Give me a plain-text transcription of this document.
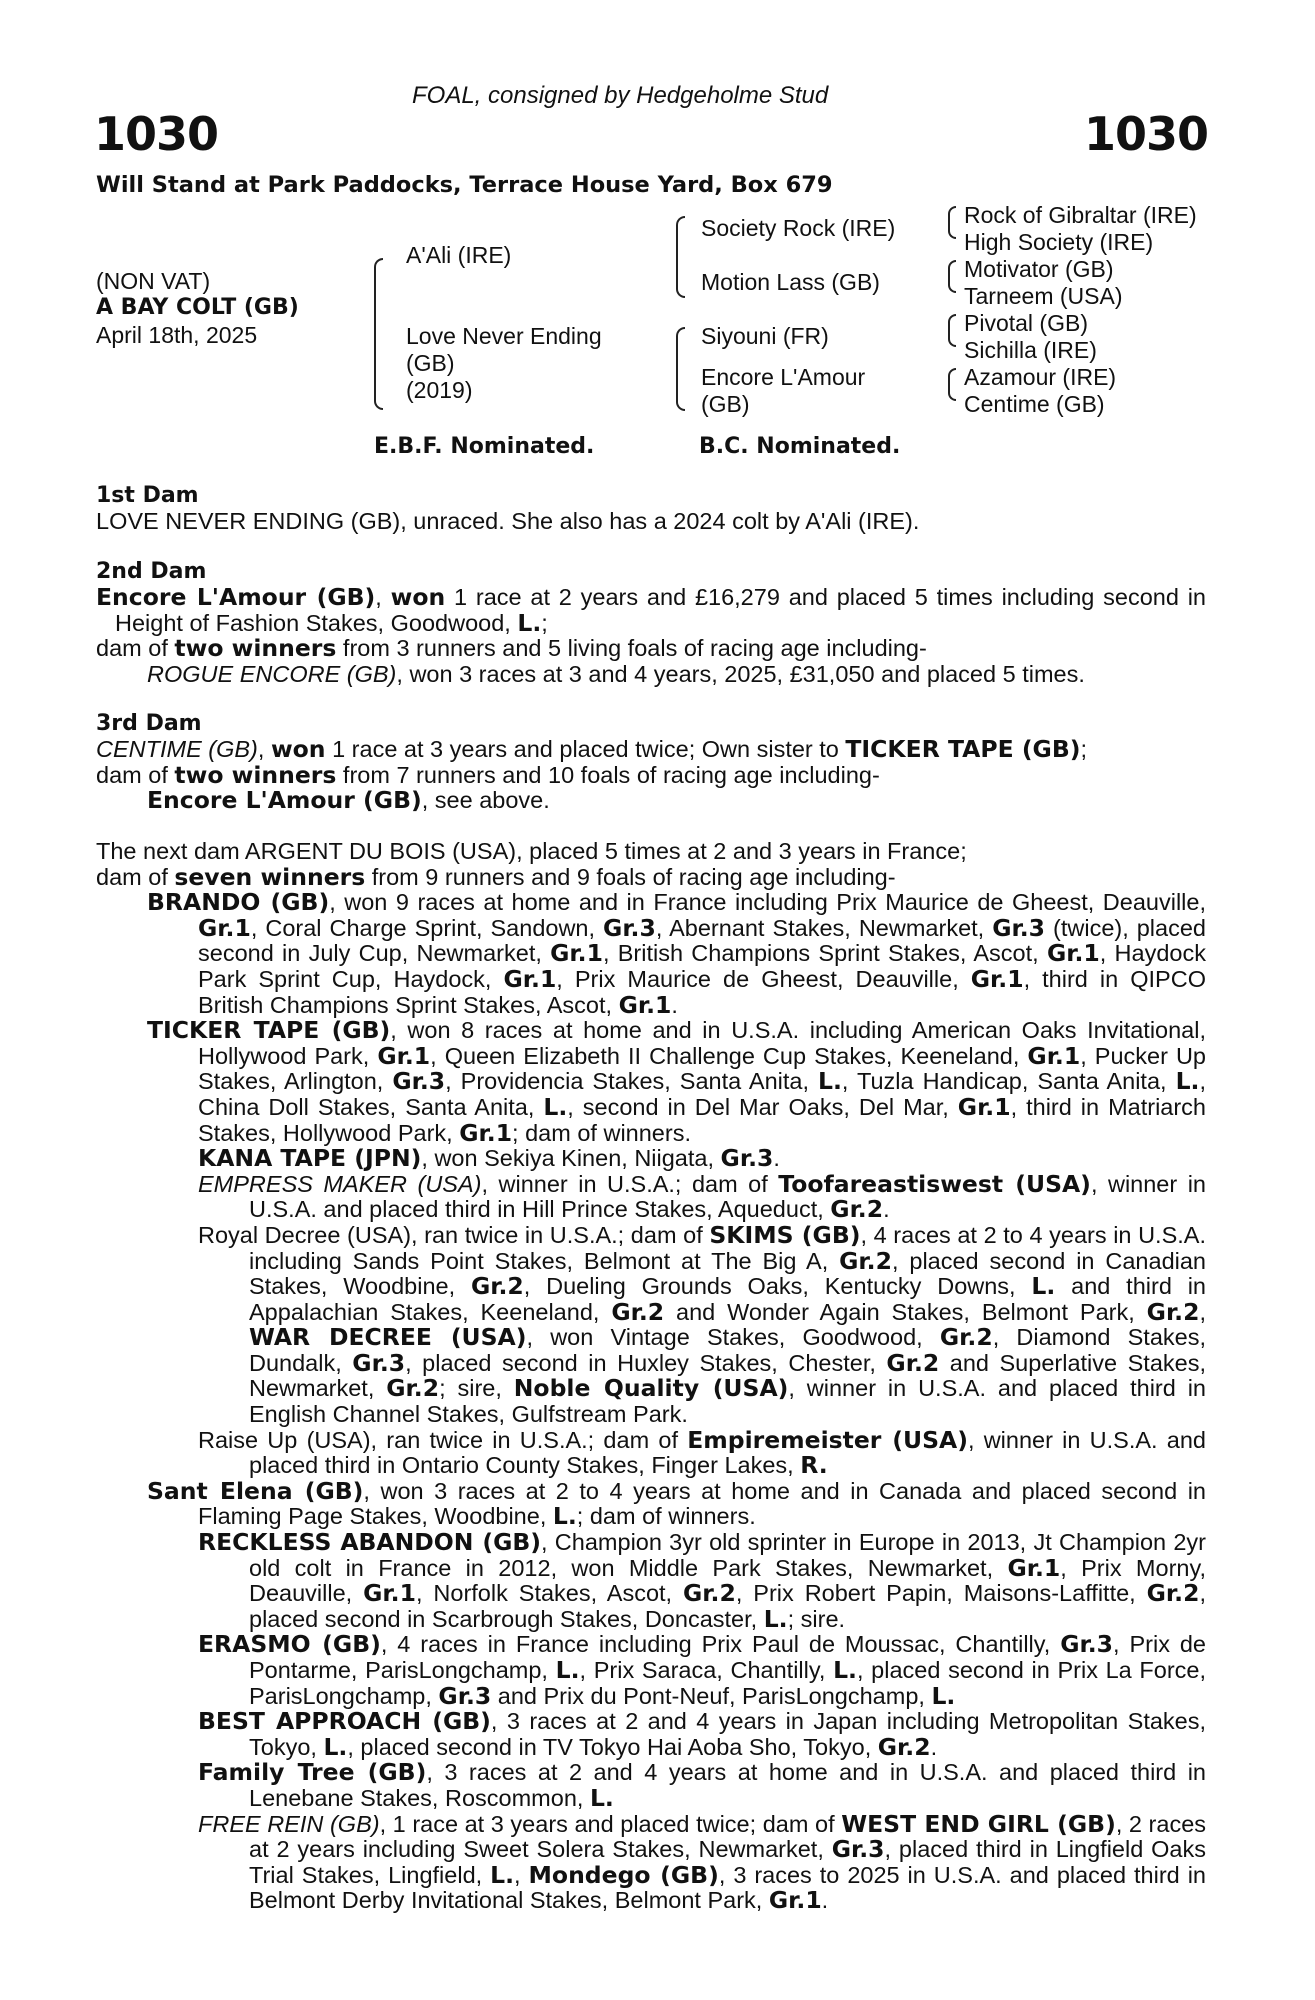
FOAL, consigned by Hedgeholme Stud
1030	1030
Will Stand at Park Paddocks, Terrace House Yard, Box 679
(NON VAT)
A BAY COLT (GB)
April 18th, 2025
A'Ali (IRE)
Love Never Ending
(GB)
(2019)
Society Rock (IRE)
Motion Lass (GB)
Siyouni (FR)
Encore L'Amour
(GB)
Rock of Gibraltar (IRE)
High Society (IRE)
Motivator (GB)
Tarneem (USA)
Pivotal (GB)
Sichilla (IRE)
Azamour (IRE)
Centime (GB)
E.B.F. Nominated.	B.C. Nominated.
1st Dam
LOVE NEVER ENDING (GB), unraced. She also has a 2024 colt by A'Ali (IRE).
2nd Dam
Encore L'Amour (GB), won 1 race at 2 years and £16,279 and placed 5 times including second in Height of Fashion Stakes, Goodwood, L.;
dam of two winners from 3 runners and 5 living foals of racing age including-
ROGUE ENCORE (GB), won 3 races at 3 and 4 years, 2025, £31,050 and placed 5 times.
3rd Dam
CENTIME (GB), won 1 race at 3 years and placed twice; Own sister to TICKER TAPE (GB);
dam of two winners from 7 runners and 10 foals of racing age including-
Encore L'Amour (GB), see above.
The next dam ARGENT DU BOIS (USA), placed 5 times at 2 and 3 years in France;
dam of seven winners from 9 runners and 9 foals of racing age including-
BRANDO (GB), won 9 races at home and in France including Prix Maurice de Gheest, Deauville, Gr.1, Coral Charge Sprint, Sandown, Gr.3, Abernant Stakes, Newmarket, Gr.3 (twice), placed second in July Cup, Newmarket, Gr.1, British Champions Sprint Stakes, Ascot, Gr.1, Haydock Park Sprint Cup, Haydock, Gr.1, Prix Maurice de Gheest, Deauville, Gr.1, third in QIPCO British Champions Sprint Stakes, Ascot, Gr.1.
TICKER TAPE (GB), won 8 races at home and in U.S.A. including American Oaks Invitational, Hollywood Park, Gr.1, Queen Elizabeth II Challenge Cup Stakes, Keeneland, Gr.1, Pucker Up Stakes, Arlington, Gr.3, Providencia Stakes, Santa Anita, L., Tuzla Handicap, Santa Anita, L., China Doll Stakes, Santa Anita, L., second in Del Mar Oaks, Del Mar, Gr.1, third in Matriarch Stakes, Hollywood Park, Gr.1; dam of winners.
KANA TAPE (JPN), won Sekiya Kinen, Niigata, Gr.3.
EMPRESS MAKER (USA), winner in U.S.A.; dam of Toofareastiswest (USA), winner in U.S.A. and placed third in Hill Prince Stakes, Aqueduct, Gr.2.
Royal Decree (USA), ran twice in U.S.A.; dam of SKIMS (GB), 4 races at 2 to 4 years in U.S.A. including Sands Point Stakes, Belmont at The Big A, Gr.2, placed second in Canadian Stakes, Woodbine, Gr.2, Dueling Grounds Oaks, Kentucky Downs, L. and third in Appalachian Stakes, Keeneland, Gr.2 and Wonder Again Stakes, Belmont Park, Gr.2, WAR DECREE (USA), won Vintage Stakes, Goodwood, Gr.2, Diamond Stakes, Dundalk, Gr.3, placed second in Huxley Stakes, Chester, Gr.2 and Superlative Stakes, Newmarket, Gr.2; sire, Noble Quality (USA), winner in U.S.A. and placed third in English Channel Stakes, Gulfstream Park.
Raise Up (USA), ran twice in U.S.A.; dam of Empiremeister (USA), winner in U.S.A. and placed third in Ontario County Stakes, Finger Lakes, R.
Sant Elena (GB), won 3 races at 2 to 4 years at home and in Canada and placed second in Flaming Page Stakes, Woodbine, L.; dam of winners.
RECKLESS ABANDON (GB), Champion 3yr old sprinter in Europe in 2013, Jt Champion 2yr old colt in France in 2012, won Middle Park Stakes, Newmarket, Gr.1, Prix Morny, Deauville, Gr.1, Norfolk Stakes, Ascot, Gr.2, Prix Robert Papin, Maisons-Laffitte, Gr.2, placed second in Scarbrough Stakes, Doncaster, L.; sire.
ERASMO (GB), 4 races in France including Prix Paul de Moussac, Chantilly, Gr.3, Prix de Pontarme, ParisLongchamp, L., Prix Saraca, Chantilly, L., placed second in Prix La Force, ParisLongchamp, Gr.3 and Prix du Pont-Neuf, ParisLongchamp, L.
BEST APPROACH (GB), 3 races at 2 and 4 years in Japan including Metropolitan Stakes, Tokyo, L., placed second in TV Tokyo Hai Aoba Sho, Tokyo, Gr.2.
Family Tree (GB), 3 races at 2 and 4 years at home and in U.S.A. and placed third in Lenebane Stakes, Roscommon, L.
FREE REIN (GB), 1 race at 3 years and placed twice; dam of WEST END GIRL (GB), 2 races at 2 years including Sweet Solera Stakes, Newmarket, Gr.3, placed third in Lingfield Oaks Trial Stakes, Lingfield, L., Mondego (GB), 3 races to 2025 in U.S.A. and placed third in Belmont Derby Invitational Stakes, Belmont Park, Gr.1.
